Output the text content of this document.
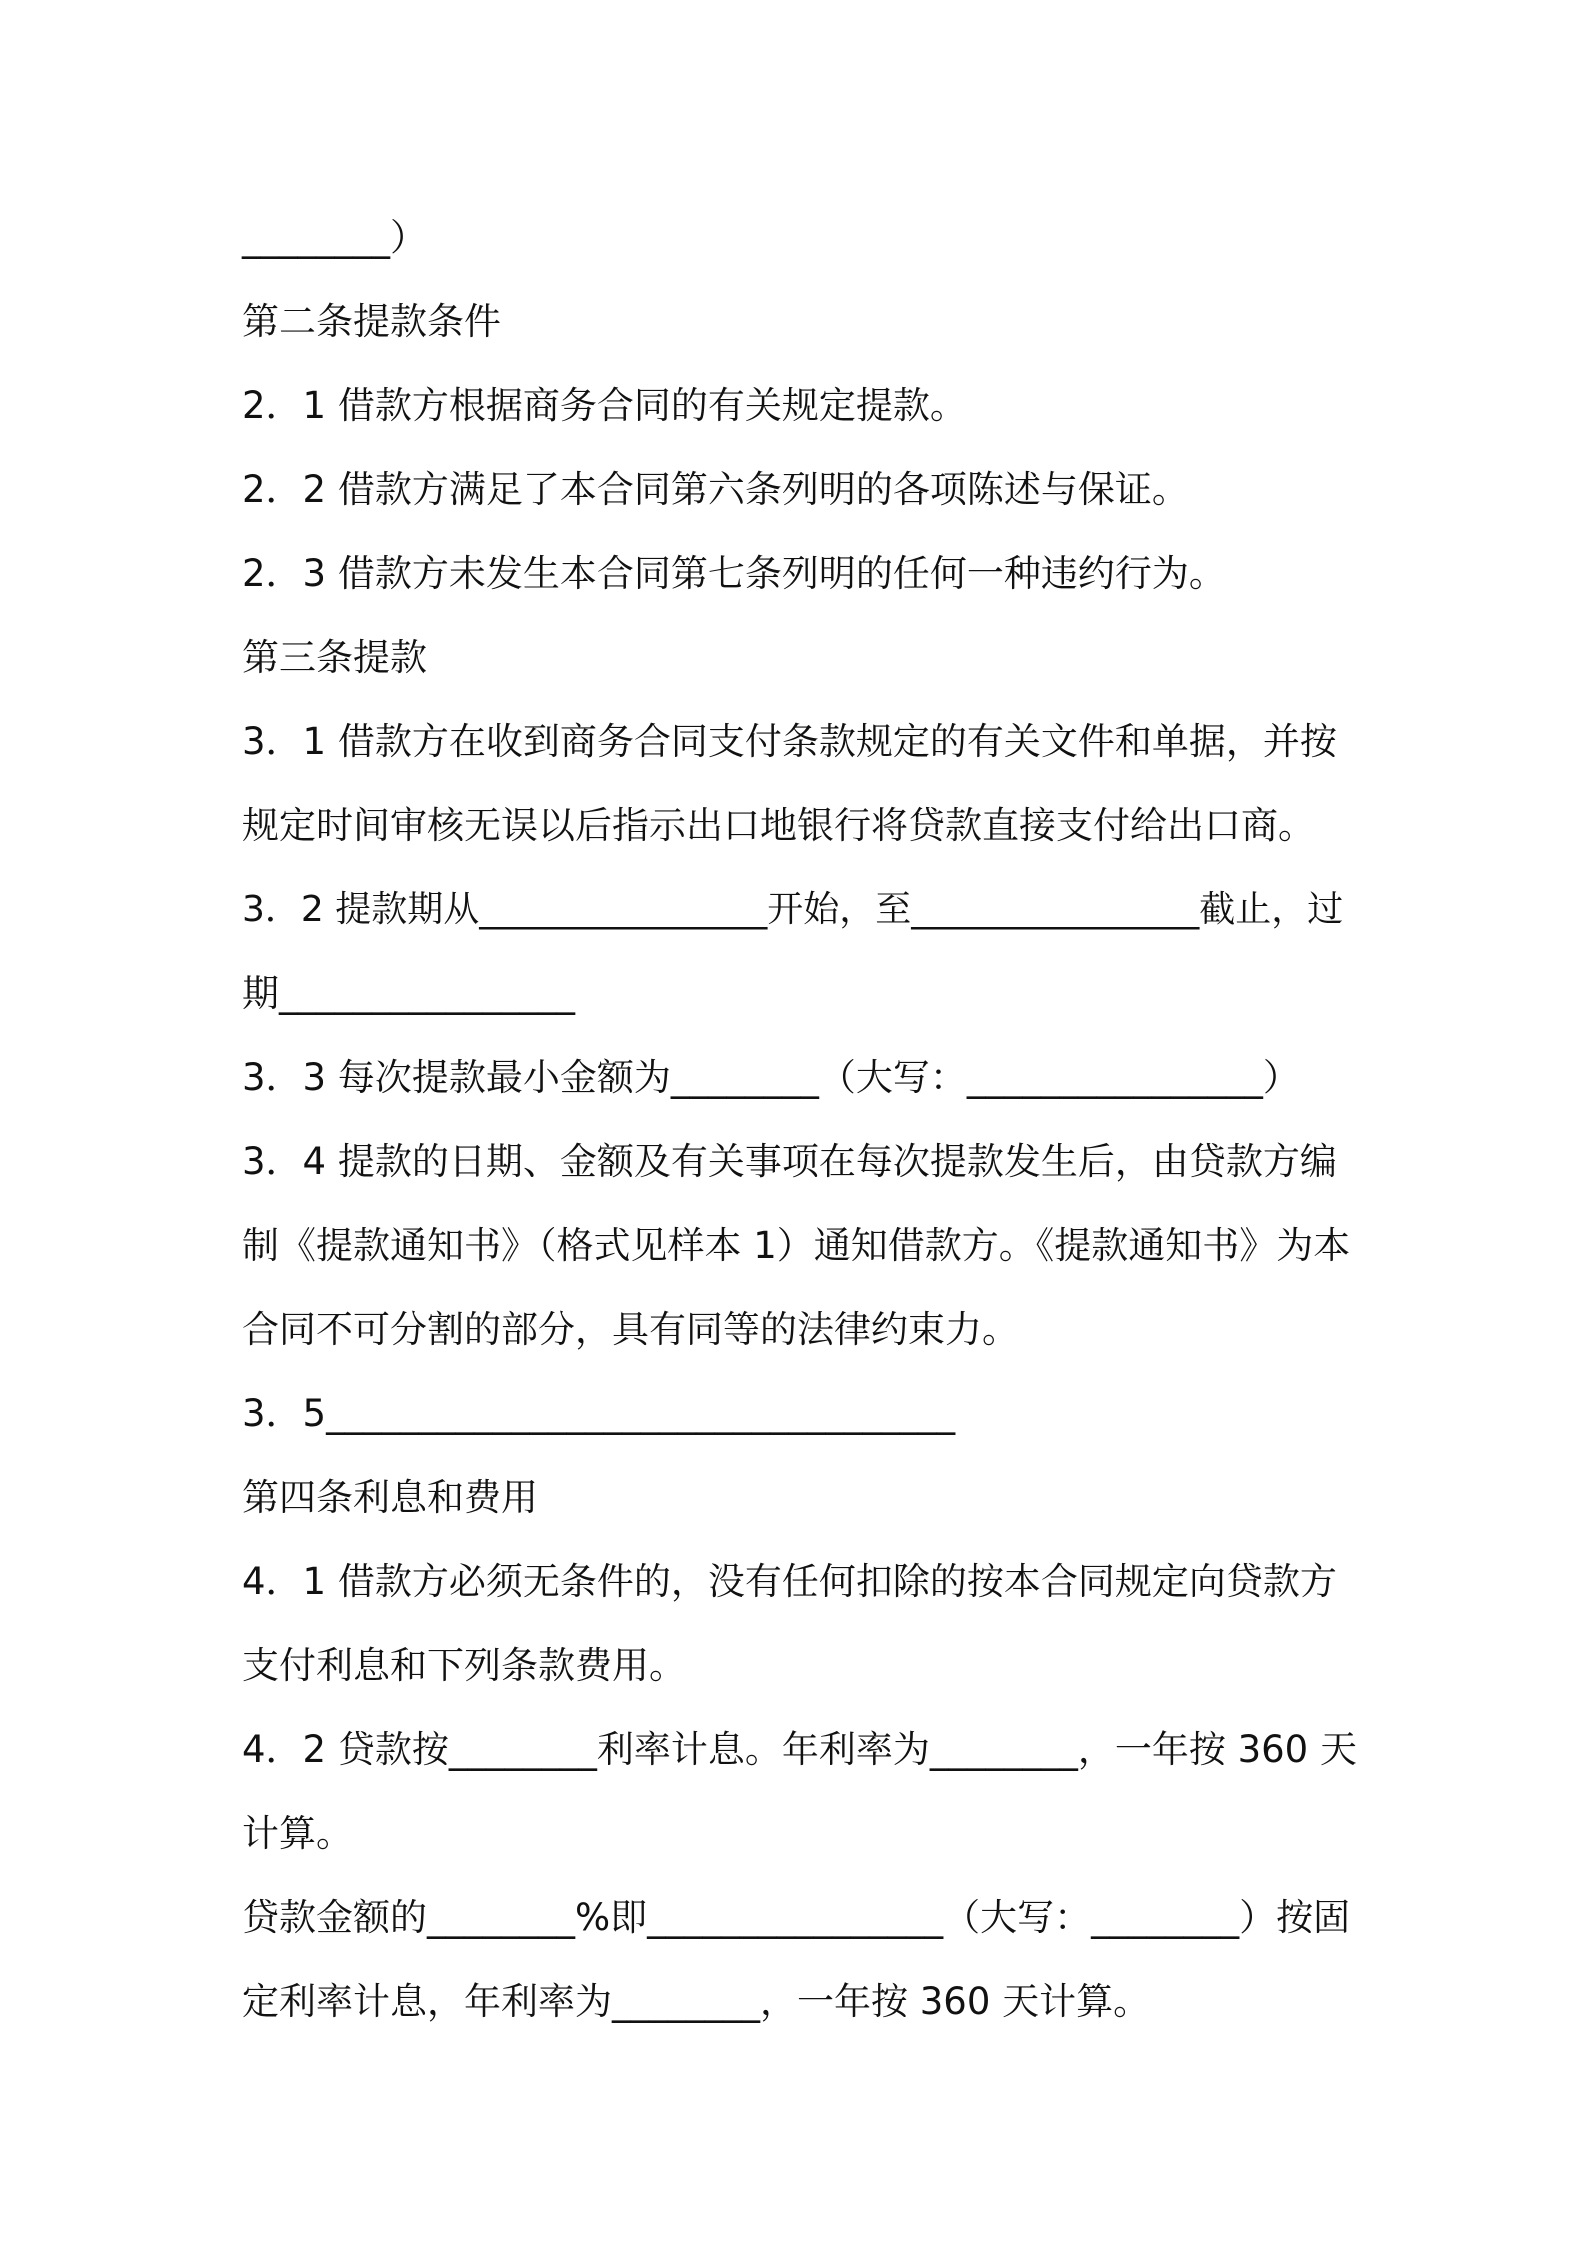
________）

第二条提款条件

2．1 借款方根据商务合同的有关规定提款。

2．2 借款方满足了本合同第六条列明的各项陈述与保证。

2．3 借款方未发生本合同第七条列明的任何一种违约行为。

第三条提款

3．1 借款方在收到商务合同支付条款规定的有关文件和单据，并按

规定时间审核无误以后指示出口地银行将贷款直接支付给出口商。

3．2 提款期从________________开始，至________________截止，过

期________________

3．3 每次提款最小金额为________（大写：________________）

3．4 提款的日期、金额及有关事项在每次提款发生后，由贷款方编

制《提款通知书》（格式见样本 1）通知借款方。《提款通知书》为本

合同不可分割的部分，具有同等的法律约束力。

3．5__________________________________

第四条利息和费用

4．1 借款方必须无条件的，没有任何扣除的按本合同规定向贷款方

支付利息和下列条款费用。

4．2 贷款按________利率计息。年利率为________，一年按 360 天

计算。

贷款金额的________%即________________（大写：________）按固

定利率计息，年利率为________，一年按 360 天计算。
